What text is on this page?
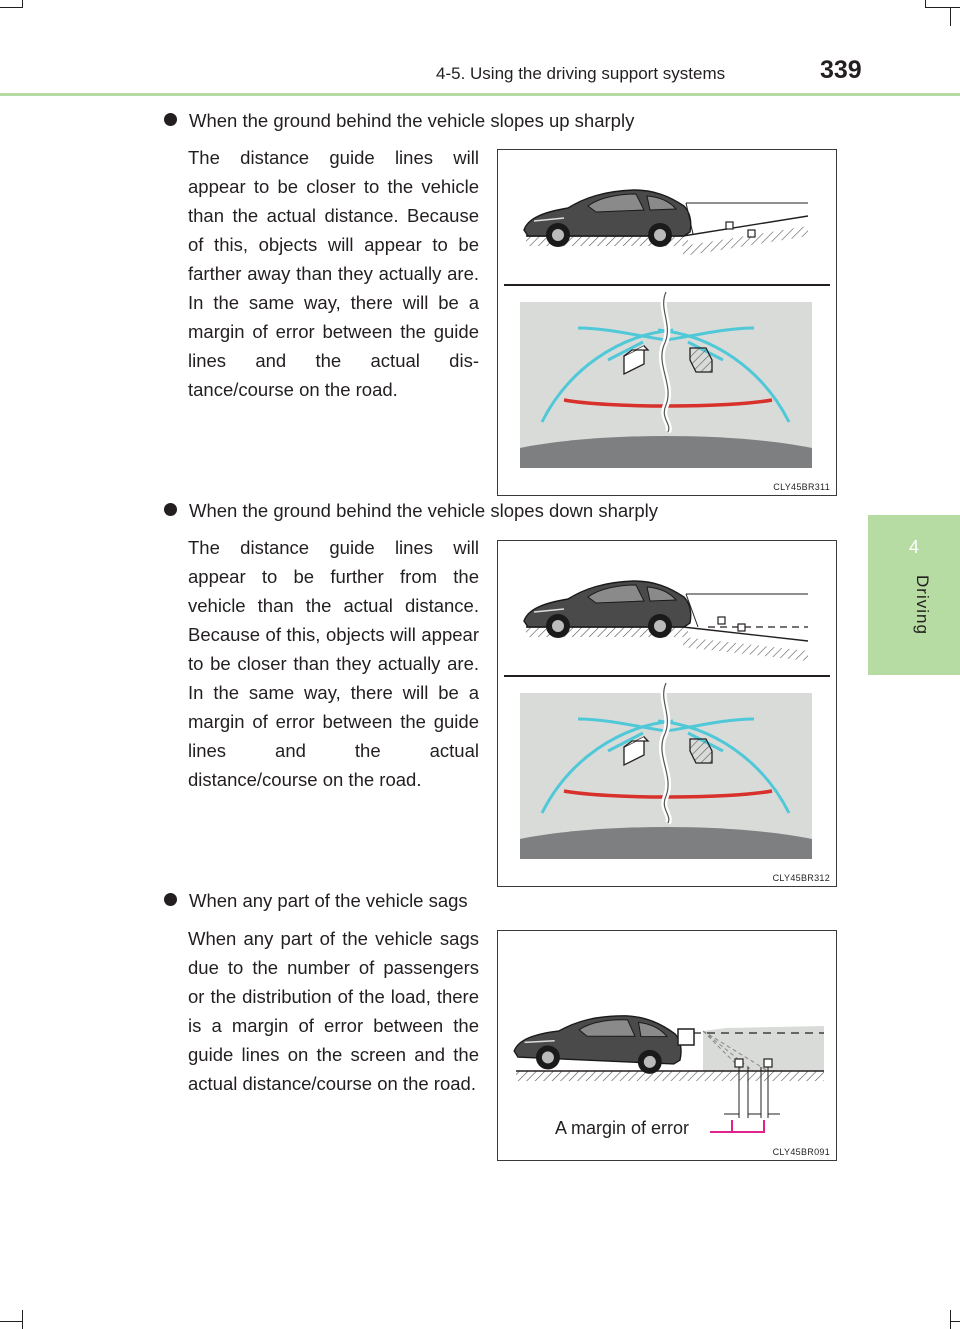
4-5. Using the driving support systems	339
4
Driving
When the ground behind the vehicle slopes up sharply
The distance guide lines will appear to be closer to the vehicle than the actual distance. Because of this, objects will appear to be farther away than they actually are. In the same way, there will be a margin of error between the guide lines and the actual dis- tance/course on the road.
CLY45BR311
When the ground behind the vehicle slopes down sharply
The distance guide lines will appear to be further from the vehicle than the actual distance. Because of this, objects will appear to be closer than they actually are. In the same way, there will be a margin of error between the guide lines and the actual distance/course on the road.
CLY45BR312
When any part of the vehicle sags
When any part of the vehicle sags due to the number of passengers or the distribution of the load, there is a margin of error between the guide lines on the screen and the actual distance/course on the road.
A margin of error
CLY45BR091
